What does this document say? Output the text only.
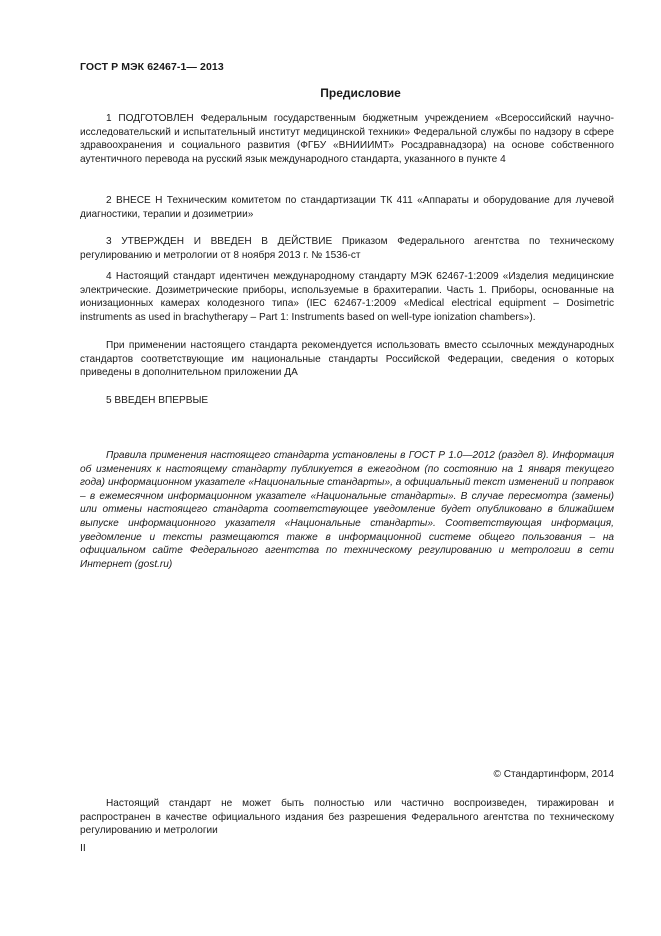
ГОСТ Р МЭК 62467-1— 2013
Предисловие

1 ПОДГОТОВЛЕН Федеральным государственным бюджетным учреждением «Всероссийский научно-исследовательский и испытательный институт медицинской техники» Федеральной службы по надзору в сфере здравоохранения и социального развития (ФГБУ «ВНИИИМТ» Росздравнадзора) на основе собственного аутентичного перевода на русский язык международного стандарта, указанного в пункте 4

2 ВНЕСЕ Н Техническим комитетом по стандартизации ТК 411 «Аппараты и оборудование для лучевой диагностики, терапии и дозиметрии»

3 УТВЕРЖДЕН И ВВЕДЕН В ДЕЙСТВИЕ Приказом Федерального агентства по техническому регулированию и метрологии от 8 ноября 2013 г. № 1536-ст

4 Настоящий стандарт идентичен международному стандарту МЭК 62467-1:2009 «Изделия медицинские электрические. Дозиметрические приборы, используемые в брахитерапии. Часть 1. Приборы, основанные на ионизационных камерах колодезного типа» (IEC 62467-1:2009 «Medical electrical equipment – Dosimetric instruments as used in brachytherapy – Part 1: Instruments based on well-type ionization chambers»).

При применении настоящего стандарта рекомендуется использовать вместо ссылочных международных стандартов соответствующие им национальные стандарты Российской Федерации, сведения о которых приведены в дополнительном приложении ДА

5 ВВЕДЕН ВПЕРВЫЕ

Правила применения настоящего стандарта установлены в ГОСТ Р 1.0—2012 (раздел 8). Информация об изменениях к настоящему стандарту публикуется в ежегодном (по состоянию на 1 января текущего года) информационном указателе «Национальные стандарты», а официальный текст изменений и поправок – в ежемесячном информационном указателе «Национальные стандарты». В случае пересмотра (замены) или отмены настоящего стандарта соответствующее уведомление будет опубликовано в ближайшем выпуске информационного указателя «Национальные стандарты». Соответствующая информация, уведомление и тексты размещаются также в информационной системе общего пользования – на официальном сайте Федерального агентства по техническому регулированию и метрологии в сети Интернет (gost.ru)

© Стандартинформ, 2014

Настоящий стандарт не может быть полностью или частично воспроизведен, тиражирован и распространен в качестве официального издания без разрешения Федерального агентства по техническому регулированию и метрологии

II
